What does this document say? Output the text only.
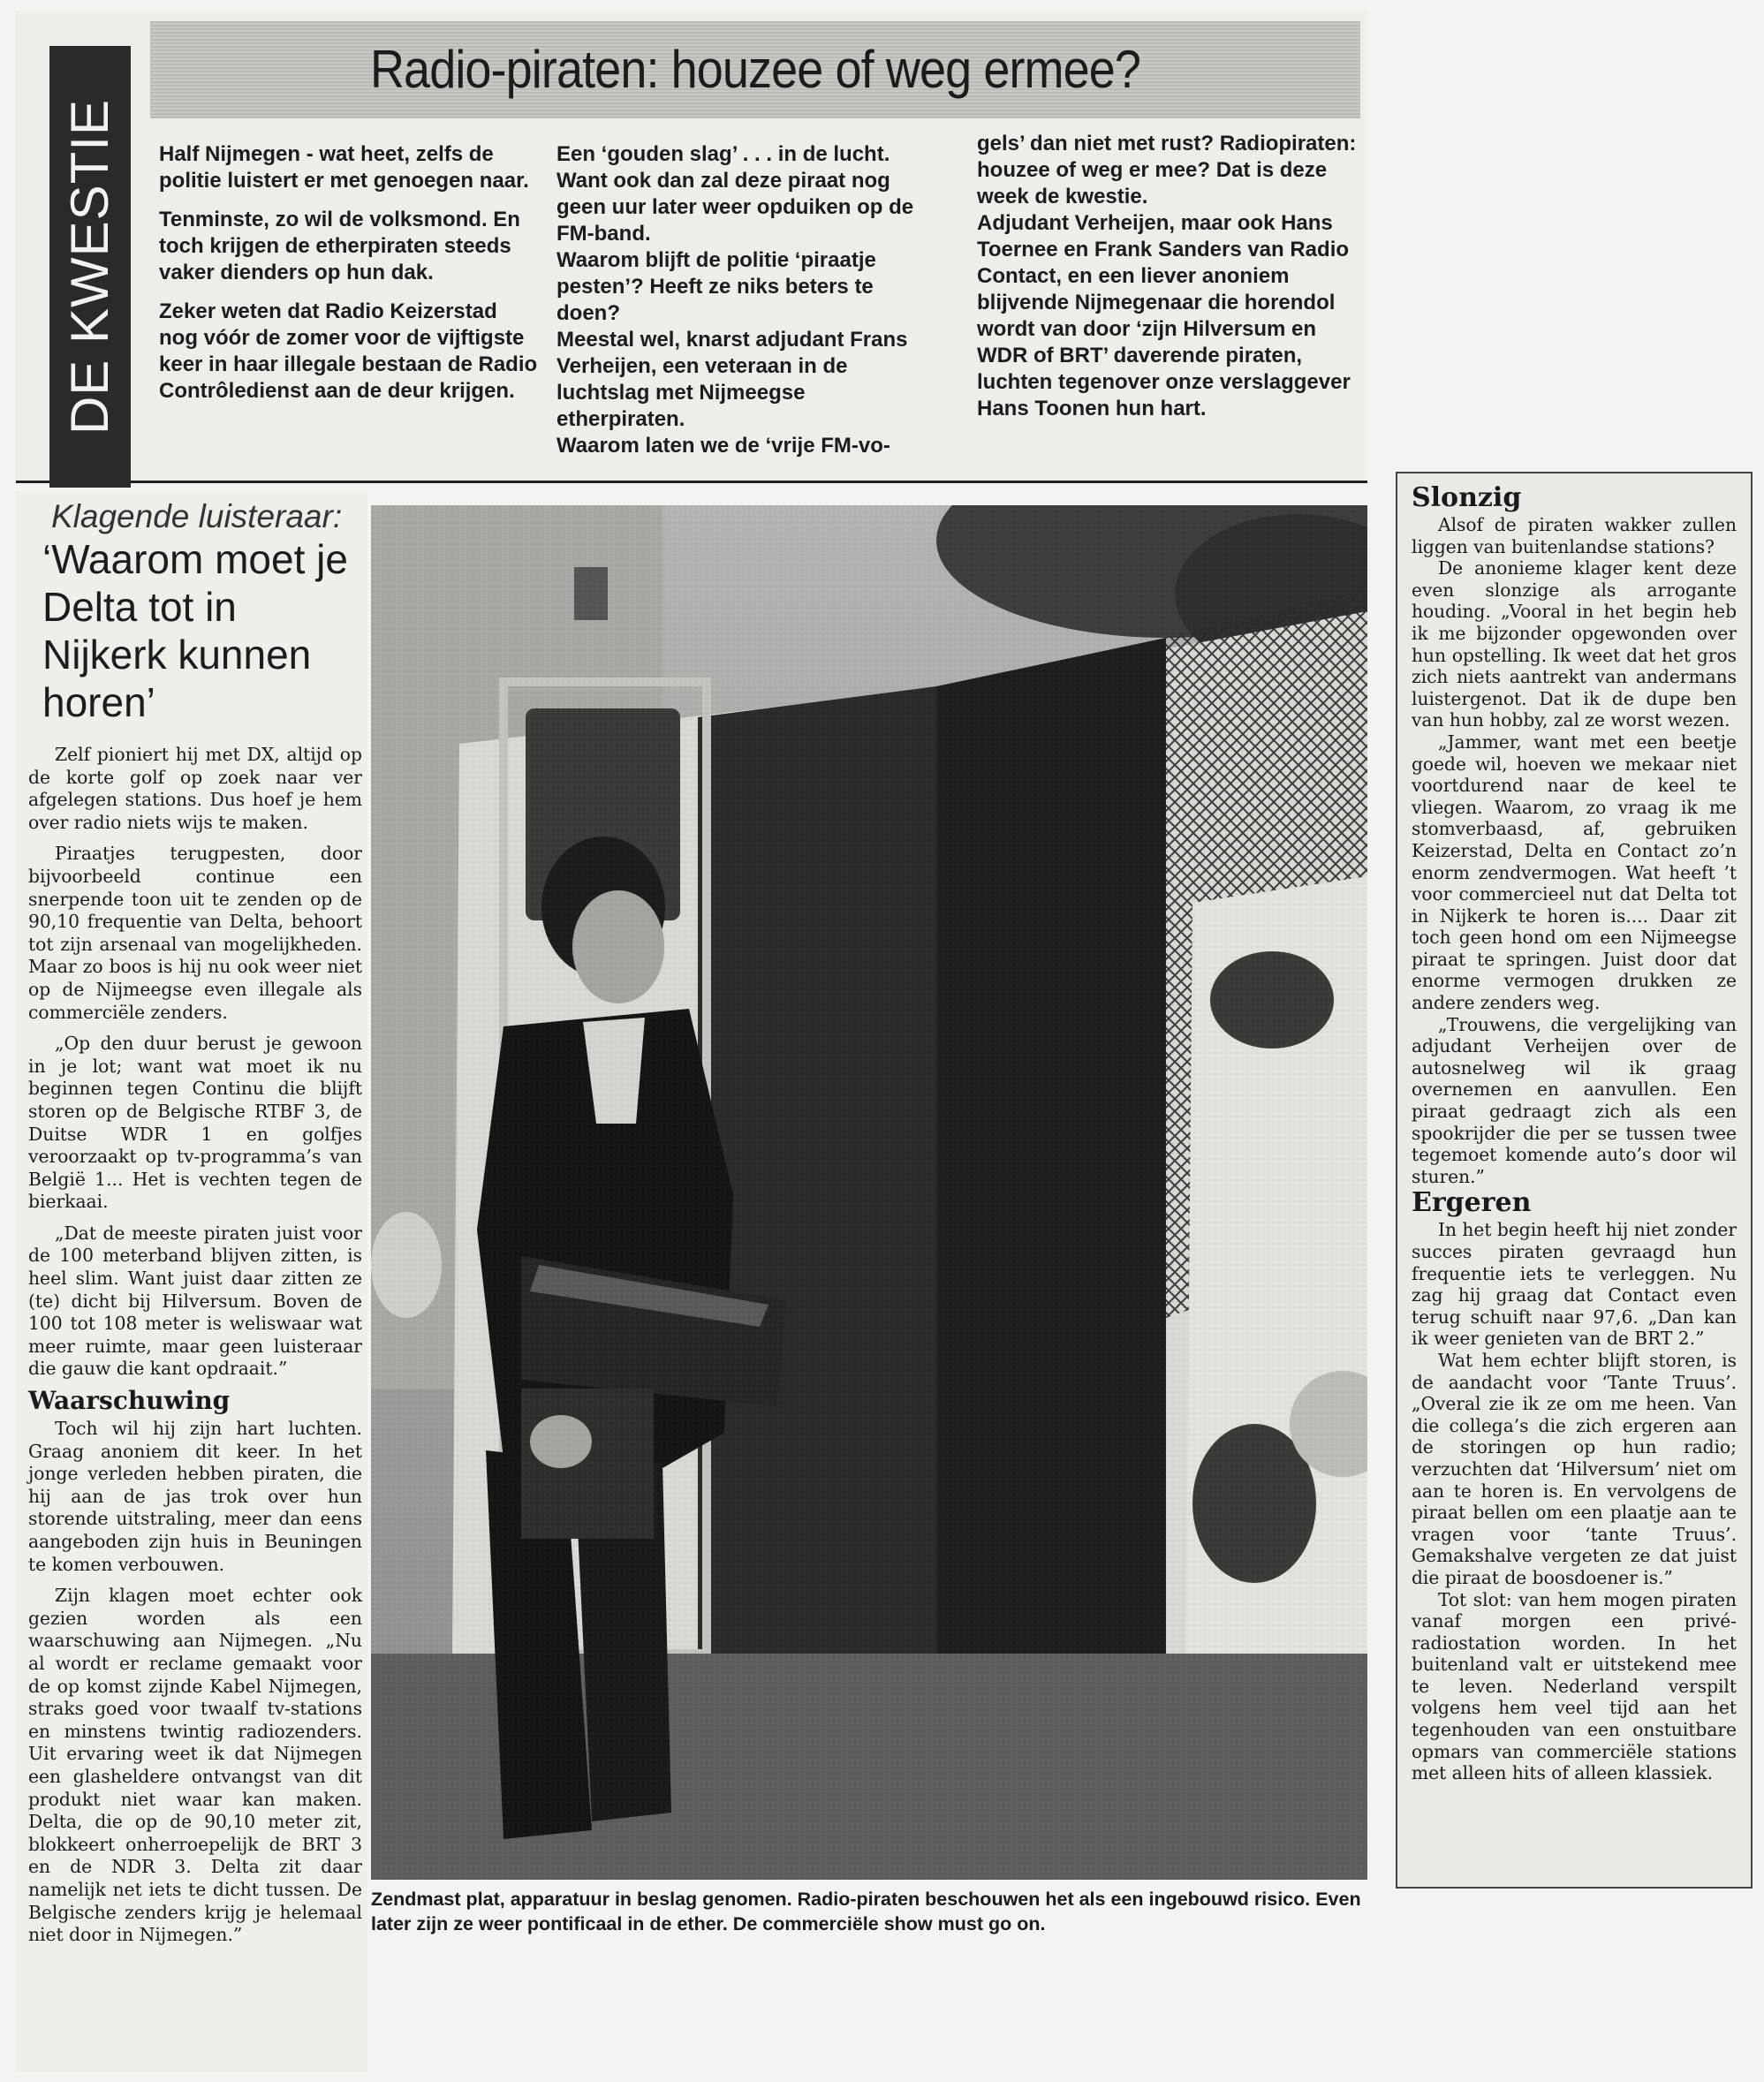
DE KWESTIE
Radio-piraten: houzee of weg ermee?

Half Nijmegen - wat heet, zelfs de politie luistert er met genoegen naar.

Tenminste, zo wil de volksmond. En toch krijgen de etherpiraten steeds vaker dienders op hun dak.

Zeker weten dat Radio Keizerstad nog vóór de zomer voor de vijftigste keer in haar illegale bestaan de Radio Contrôledienst aan de deur krijgen.

Een ‘gouden slag’ . . . in de lucht. Want ook dan zal deze piraat nog geen uur later weer opduiken op de FM-band.

Waarom blijft de politie ‘piraatje pesten’? Heeft ze niks beters te doen?

Meestal wel, knarst adjudant Frans Verheijen, een veteraan in de luchtslag met Nijmeegse etherpiraten.

Waarom laten we de ‘vrije FM-vo-

gels’ dan niet met rust? Radiopiraten: houzee of weg er mee? Dat is deze week de kwestie.

Adjudant Verheijen, maar ook Hans Toernee en Frank Sanders van Radio Contact, en een liever anoniem blijvende Nijmegenaar die horendol wordt van door ‘zijn Hilversum en WDR of BRT’ daverende piraten, luchten tegenover onze verslaggever Hans Toonen hun hart.

Klagende luisteraar:
‘Waarom moet je Delta tot in Nijkerk kunnen horen’

Zelf pioniert hij met DX, altijd op de korte golf op zoek naar ver afgelegen stations. Dus hoef je hem over radio niets wijs te maken.

Piraatjes terugpesten, door bijvoorbeeld continue een snerpende toon uit te zenden op de 90,10 frequentie van Delta, behoort tot zijn arsenaal van mogelijkheden. Maar zo boos is hij nu ook weer niet op de Nijmeegse even illegale als commerciële zenders.

„Op den duur berust je gewoon in je lot; want wat moet ik nu beginnen tegen Continu die blijft storen op de Belgische RTBF 3, de Duitse WDR 1 en golfjes veroorzaakt op tv-programma’s van België 1... Het is vechten tegen de bierkaai.

„Dat de meeste piraten juist voor de 100 meterband blijven zitten, is heel slim. Want juist daar zitten ze (te) dicht bij Hilversum. Boven de 100 tot 108 meter is weliswaar wat meer ruimte, maar geen luisteraar die gauw die kant opdraait.”

Waarschuwing

Toch wil hij zijn hart luchten. Graag anoniem dit keer. In het jonge verleden hebben piraten, die hij aan de jas trok over hun storende uitstraling, meer dan eens aangeboden zijn huis in Beuningen te komen verbouwen.

Zijn klagen moet echter ook gezien worden als een waarschuwing aan Nijmegen. „Nu al wordt er reclame gemaakt voor de op komst zijnde Kabel Nijmegen, straks goed voor twaalf tv-stations en minstens twintig radiozenders. Uit ervaring weet ik dat Nijmegen een glasheldere ontvangst van dit produkt niet waar kan maken. Delta, die op de 90,10 meter zit, blokkeert onherroepelijk de BRT 3 en de NDR 3. Delta zit daar namelijk net iets te dicht tussen. De Belgische zenders krijg je helemaal niet door in Nijmegen.”

Zendmast plat, apparatuur in beslag genomen. Radio-piraten beschouwen het als een ingebouwd risico. Even later zijn ze weer pontificaal in de ether. De commerciële show must go on.

Slonzig

Alsof de piraten wakker zullen liggen van buitenlandse stations?

De anonieme klager kent deze even slonzige als arrogante houding. „Vooral in het begin heb ik me bijzonder opgewonden over hun opstelling. Ik weet dat het gros zich niets aantrekt van andermans luistergenot. Dat ik de dupe ben van hun hobby, zal ze worst wezen.

„Jammer, want met een beetje goede wil, hoeven we mekaar niet voortdurend naar de keel te vliegen. Waarom, zo vraag ik me stomverbaasd, af, gebruiken Keizerstad, Delta en Contact zo’n enorm zendvermogen. Wat heeft ’t voor commercieel nut dat Delta tot in Nijkerk te horen is.... Daar zit toch geen hond om een Nijmeegse piraat te springen. Juist door dat enorme vermogen drukken ze andere zenders weg.

„Trouwens, die vergelijking van adjudant Verheijen over de autosnelweg wil ik graag overnemen en aanvullen. Een piraat gedraagt zich als een spookrijder die per se tussen twee tegemoet komende auto’s door wil sturen.”

Ergeren

In het begin heeft hij niet zonder succes piraten gevraagd hun frequentie iets te verleggen. Nu zag hij graag dat Contact even terug schuift naar 97,6. „Dan kan ik weer genieten van de BRT 2.”

Wat hem echter blijft storen, is de aandacht voor ‘Tante Truus’. „Overal zie ik ze om me heen. Van die collega’s die zich ergeren aan de storingen op hun radio; verzuchten dat ‘Hilversum’ niet om aan te horen is. En vervolgens de piraat bellen om een plaatje aan te vragen voor ‘tante Truus’. Gemakshalve vergeten ze dat juist die piraat de boosdoener is.”

Tot slot: van hem mogen piraten vanaf morgen een privé-radiostation worden. In het buitenland valt er uitstekend mee te leven. Nederland verspilt volgens hem veel tijd aan het tegenhouden van een onstuitbare opmars van commerciële stations met alleen hits of alleen klassiek.
